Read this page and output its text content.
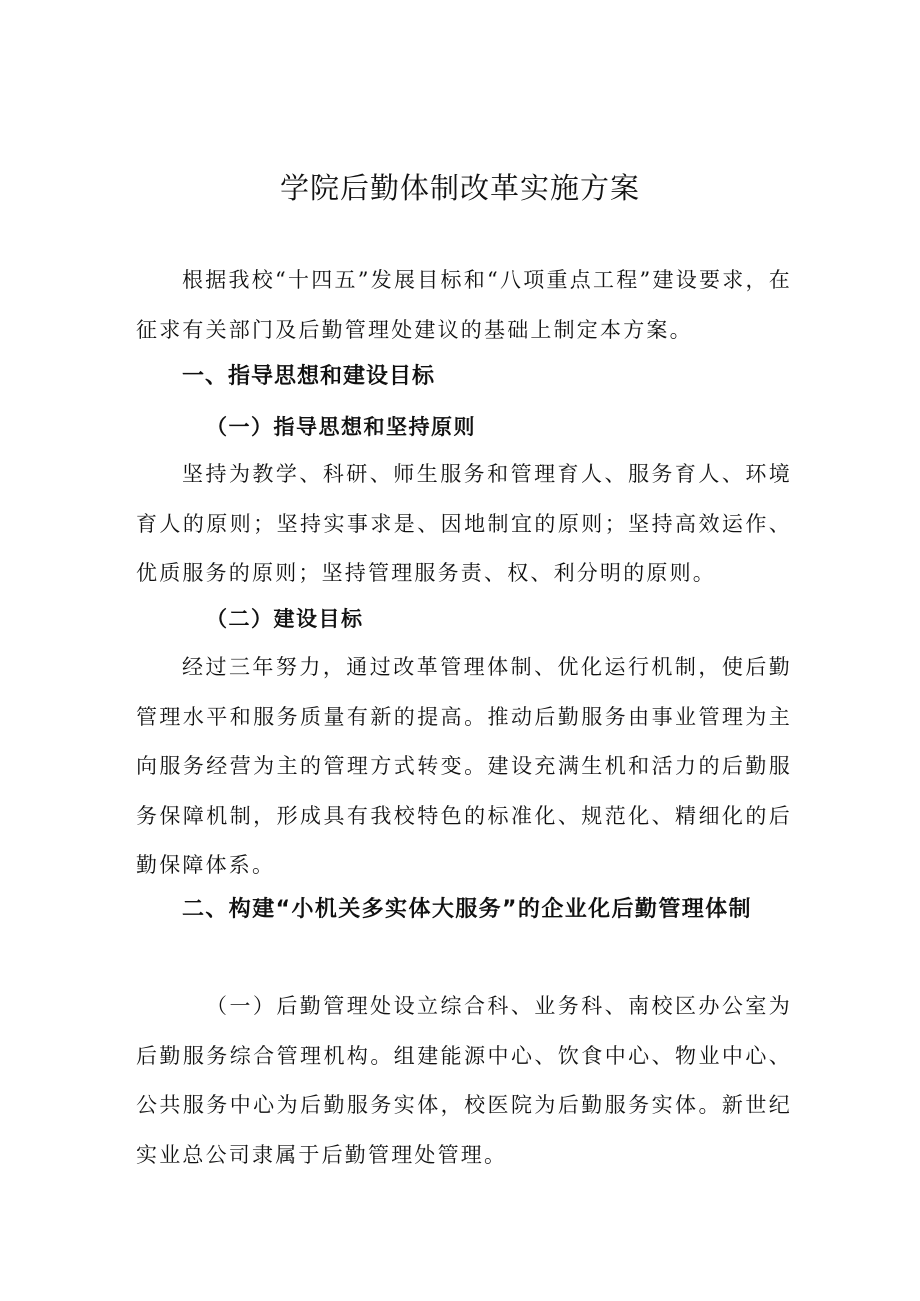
学院后勤体制改革实施方案

根据我校“十四五”发展目标和“八项重点工程”建设要求，在征求有关部门及后勤管理处建议的基础上制定本方案。

一、指导思想和建设目标
（一）指导思想和坚持原则

坚持为教学、科研、师生服务和管理育人、服务育人、环境育人的原则；坚持实事求是、因地制宜的原则；坚持高效运作、优质服务的原则；坚持管理服务责、权、利分明的原则。

（二）建设目标

经过三年努力，通过改革管理体制、优化运行机制，使后勤管理水平和服务质量有新的提高。推动后勤服务由事业管理为主向服务经营为主的管理方式转变。建设充满生机和活力的后勤服务保障机制，形成具有我校特色的标准化、规范化、精细化的后勤保障体系。

二、构建“小机关多实体大服务”的企业化后勤管理体制

（一）后勤管理处设立综合科、业务科、南校区办公室为后勤服务综合管理机构。组建能源中心、饮食中心、物业中心、公共服务中心为后勤服务实体，校医院为后勤服务实体。新世纪实业总公司隶属于后勤管理处管理。
